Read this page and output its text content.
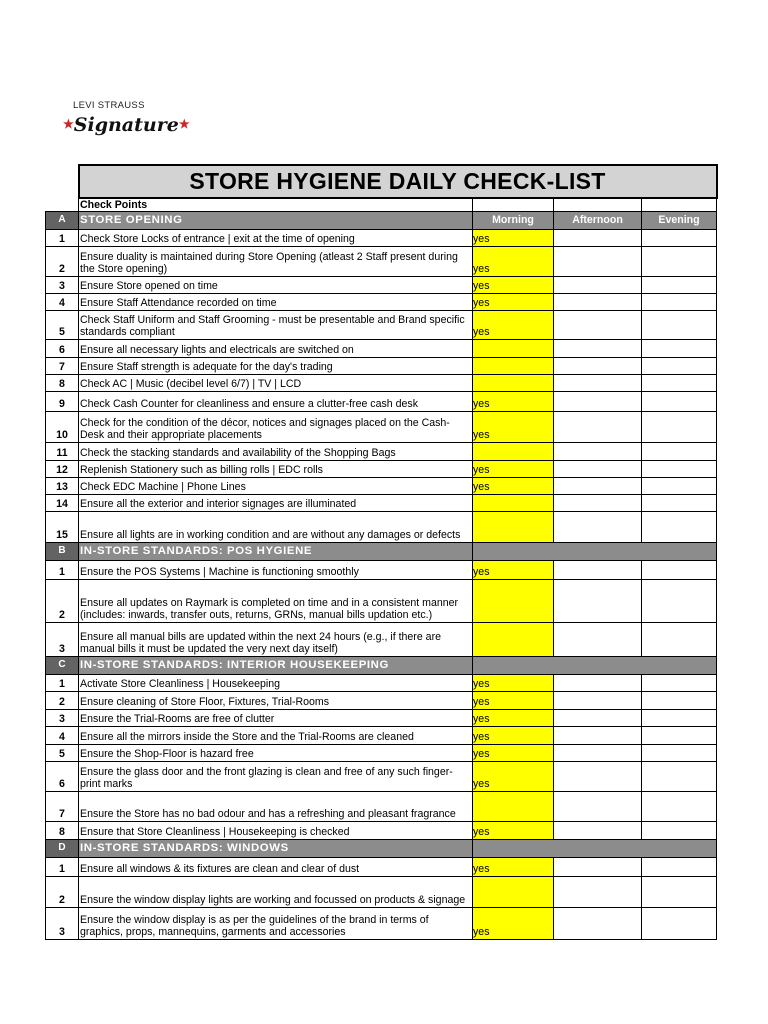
LEVI STRAUSS
★Signature★
	STORE HYGIENE DAILY CHECK-LIST			
	Check Points			
A	STORE OPENING	Morning	Afternoon	Evening
1	Check Store Locks of entrance | exit at the time of opening	yes		
2	Ensure duality is maintained during Store Opening (atleast 2 Staff present during the Store opening)	yes		
3	Ensure Store opened on time	yes		
4	Ensure Staff Attendance recorded on time	yes		
5	Check Staff Uniform and Staff Grooming - must be presentable and Brand specific standards compliant	yes		
6	Ensure all necessary lights and electricals are switched on			
7	Ensure Staff strength is adequate for the day's trading			
8	Check AC | Music (decibel level 6/7) | TV | LCD			
9	Check Cash Counter for cleanliness and ensure a clutter-free cash desk	yes		
10	Check for the condition of the décor, notices and signages placed on the Cash-Desk and their appropriate placements	yes		
11	Check the stacking standards and availability of the Shopping Bags			
12	Replenish Stationery such as billing rolls | EDC rolls	yes		
13	Check EDC Machine | Phone Lines	yes		
14	Ensure all the exterior and interior signages are illuminated			
15	Ensure all lights are in working condition and are without any damages or defects			
B	IN-STORE STANDARDS: POS HYGIENE			
1	Ensure the POS Systems | Machine is functioning smoothly	yes		
2	Ensure all updates on Raymark is completed on time and in a consistent manner (includes: inwards, transfer outs, returns, GRNs, manual bills updation etc.)			
3	Ensure all manual bills are updated within the next 24 hours (e.g., if there are manual bills it must be updated the very next day itself)			
C	IN-STORE STANDARDS: INTERIOR HOUSEKEEPING			
1	Activate Store Cleanliness | Housekeeping	yes		
2	Ensure cleaning of Store Floor, Fixtures, Trial-Rooms	yes		
3	Ensure the Trial-Rooms are free of clutter	yes		
4	Ensure all the mirrors inside the Store and the Trial-Rooms are cleaned	yes		
5	Ensure the Shop-Floor is hazard free	yes		
6	Ensure the glass door and the front glazing is clean and free of any such finger-print marks	yes		
7	Ensure the Store has no bad odour and has a refreshing and pleasant fragrance			
8	Ensure that Store Cleanliness | Housekeeping is checked	yes		
D	IN-STORE STANDARDS: WINDOWS			
1	Ensure all windows & its fixtures are clean and clear of dust	yes		
2	Ensure the window display lights are working and focussed on products & signage			
3	Ensure the window display is as per the guidelines of the brand in terms of graphics, props, mannequins, garments and accessories	yes		
